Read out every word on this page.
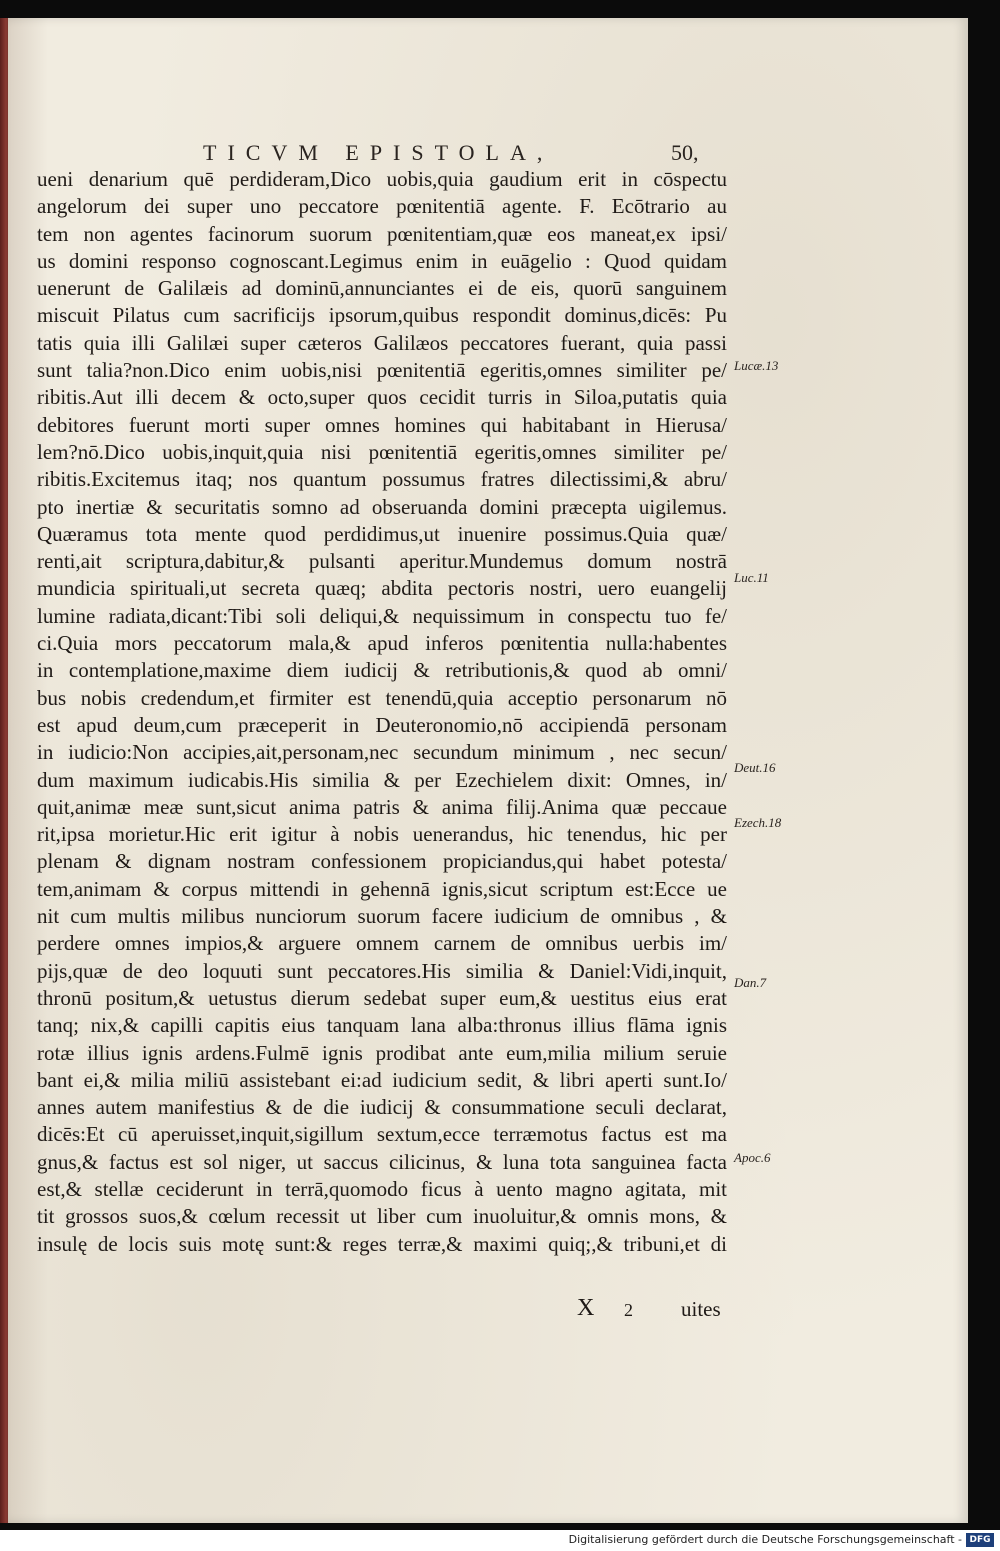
TICVM EPISTOLA,	50,
ueni denarium quē perdideram,Dico uobis,quia gaudium erit in cōspectu
angelorum dei super uno peccatore pœnitentiā agente. F. Ecōtrario au
tem non agentes facinorum suorum pœnitentiam,quæ eos maneat,ex ipsi/
us domini responso cognoscant.Legimus enim in euāgelio : Quod quidam
uenerunt de Galilæis ad dominū,annunciantes ei de eis, quorū sanguinem
miscuit Pilatus cum sacrificijs ipsorum,quibus respondit dominus,dicēs: Pu
tatis quia illi Galilæi super cæteros Galilæos peccatores fuerant, quia passi
sunt talia?non.Dico enim uobis,nisi pœnitentiā egeritis,omnes similiter pe/
ribitis.Aut illi decem & octo,super quos cecidit turris in Siloa,putatis quia
debitores fuerunt morti super omnes homines qui habitabant in Hierusa/
lem?nō.Dico uobis,inquit,quia nisi pœnitentiā egeritis,omnes similiter pe/
ribitis.Excitemus itaq; nos quantum possumus fratres dilectissimi,& abru/
pto inertiæ & securitatis somno ad obseruanda domini præcepta uigilemus.
Quæramus tota mente quod perdidimus,ut inuenire possimus.Quia quæ/
renti,ait scriptura,dabitur,& pulsanti aperitur.Mundemus domum nostrā
mundicia spirituali,ut secreta quæq; abdita pectoris nostri, uero euangelij
lumine radiata,dicant:Tibi soli deliqui,& nequissimum in conspectu tuo fe/
ci.Quia mors peccatorum mala,& apud inferos pœnitentia nulla:habentes
in contemplatione,maxime diem iudicij & retributionis,& quod ab omni/
bus nobis credendum,et firmiter est tenendū,quia acceptio personarum nō
est apud deum,cum præceperit in Deuteronomio,nō accipiendā personam
in iudicio:Non accipies,ait,personam,nec secundum minimum , nec secun/
dum maximum iudicabis.His similia & per Ezechielem dixit: Omnes, in/
quit,animæ meæ sunt,sicut anima patris & anima filij.Anima quæ peccaue
rit,ipsa morietur.Hic erit igitur à nobis uenerandus, hic tenendus, hic per
plenam & dignam nostram confessionem propiciandus,qui habet potesta/
tem,animam & corpus mittendi in gehennā ignis,sicut scriptum est:Ecce ue
nit cum multis milibus nunciorum suorum facere iudicium de omnibus , &
perdere omnes impios,& arguere omnem carnem de omnibus uerbis im/
pijs,quæ de deo loquuti sunt peccatores.His similia & Daniel:Vidi,inquit,
thronū positum,& uetustus dierum sedebat super eum,& uestitus eius erat
tanq; nix,& capilli capitis eius tanquam lana alba:thronus illius flāma ignis
rotæ illius ignis ardens.Fulmē ignis prodibat ante eum,milia milium seruie
bant ei,& milia miliū assistebant ei:ad iudicium sedit, & libri aperti sunt.Io/
annes autem manifestius & de die iudicij & consummatione seculi declarat,
dicēs:Et cū aperuisset,inquit,sigillum sextum,ecce terræmotus factus est ma
gnus,& factus est sol niger, ut saccus cilicinus, & luna tota sanguinea facta
est,& stellæ ceciderunt in terrā,quomodo ficus à uento magno agitata, mit
tit grossos suos,& cœlum recessit ut liber cum inuoluitur,& omnis mons, &
insulę de locis suis motę sunt:& reges terræ,& maximi quiq;,& tribuni,et di
Lucæ.13
Luc.11
Deut.16
Ezech.18
Dan.7
Apoc.6
X 2 uites
Digitalisierung gefördert durch die Deutsche Forschungsgemeinschaft - DFG
